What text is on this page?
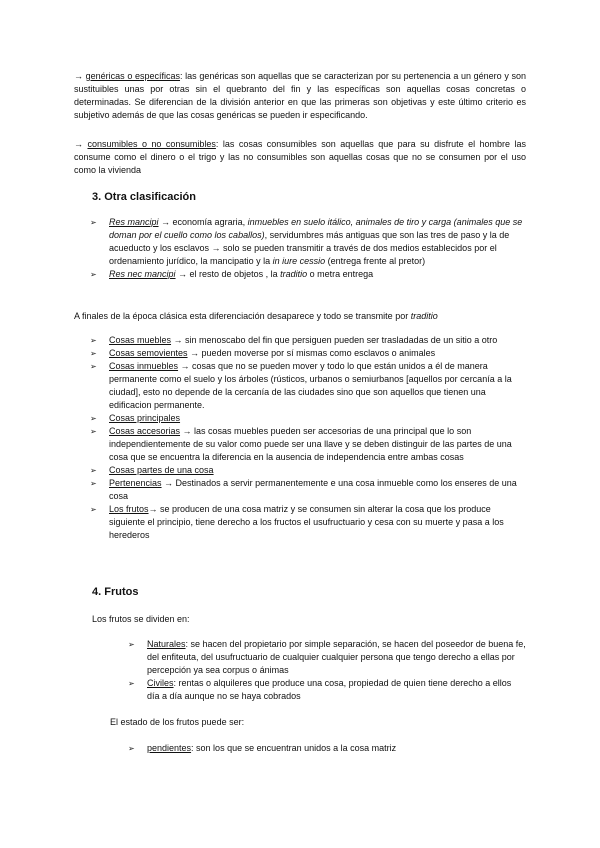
→ genéricas o específicas: las genéricas son aquellas que se caracterizan por su pertenencia a un género y son sustituibles unas por otras sin el quebranto del fin y las específicas son aquellas cosas concretas o determinadas. Se diferencian de la división anterior en que las primeras son objetivas y este último criterio es subjetivo además de que las cosas genéricas se pueden ir especificando.

→ consumibles o no consumibles: las cosas consumibles son aquellas que para su disfrute el hombre las consume como el dinero o el trigo y las no consumibles son aquellas cosas que no se consumen por el uso como la vivienda

3. Otra clasificación
➢	Res mancipi → economía agraria, inmuebles en suelo itálico, animales de tiro y carga (animales que se doman por el cuello como los caballos), servidumbres más antiguas que son las tres de paso y la de acueducto y los esclavos → solo se pueden transmitir a través de dos medios establecidos por el ordenamiento jurídico, la mancipatio y la in iure cessio (entrega frente al pretor)
➢	Res nec mancipi → el resto de objetos , la traditio o metra entrega

A finales de la época clásica esta diferenciación desaparece y todo se transmite por traditio

➢	Cosas muebles → sin menoscabo del fin que persiguen pueden ser trasladadas de un sitio a otro
➢	Cosas semovientes → pueden moverse por sí mismas como esclavos o animales
➢	Cosas inmuebles → cosas que no se pueden mover y todo lo que están unidos a él de manera permanente como el suelo y los árboles (rústicos, urbanos o semiurbanos [aquellos por cercanía a la ciudad], esto no depende de la cercanía de las ciudades sino que son aquellos que tienen una edificacion permanente.
➢	Cosas principales
➢	Cosas accesorias → las cosas muebles pueden ser accesorias de una principal que lo son independientemente de su valor como puede ser una llave y se deben distinguir de las partes de una cosa que se encuentra la diferencia en la ausencia de independencia entre ambas cosas
➢	Cosas partes de una cosa
➢	Pertenencias → Destinados a servir permanentemente e una cosa inmueble como los enseres de una cosa
➢	Los frutos→ se producen de una cosa matriz y se consumen sin alterar la cosa que los produce siguiente el principio, tiene derecho a los fructos el usufructuario y cesa con su muerte y pasa a los herederos
4. Frutos

Los frutos se dividen en:

➢	Naturales: se hacen del propietario por simple separación, se hacen del poseedor de buena fe, del enfiteuta, del usufructuario de cualquier cualquier persona que tengo derecho a ellas por percepción ya sea corpus o ánimas
➢	Civiles: rentas o alquileres que produce una cosa, propiedad de quien tiene derecho a ellos día a día aunque no se haya cobrados

El estado de los frutos puede ser:

➢	pendientes: son los que se encuentran unidos a la cosa matriz
